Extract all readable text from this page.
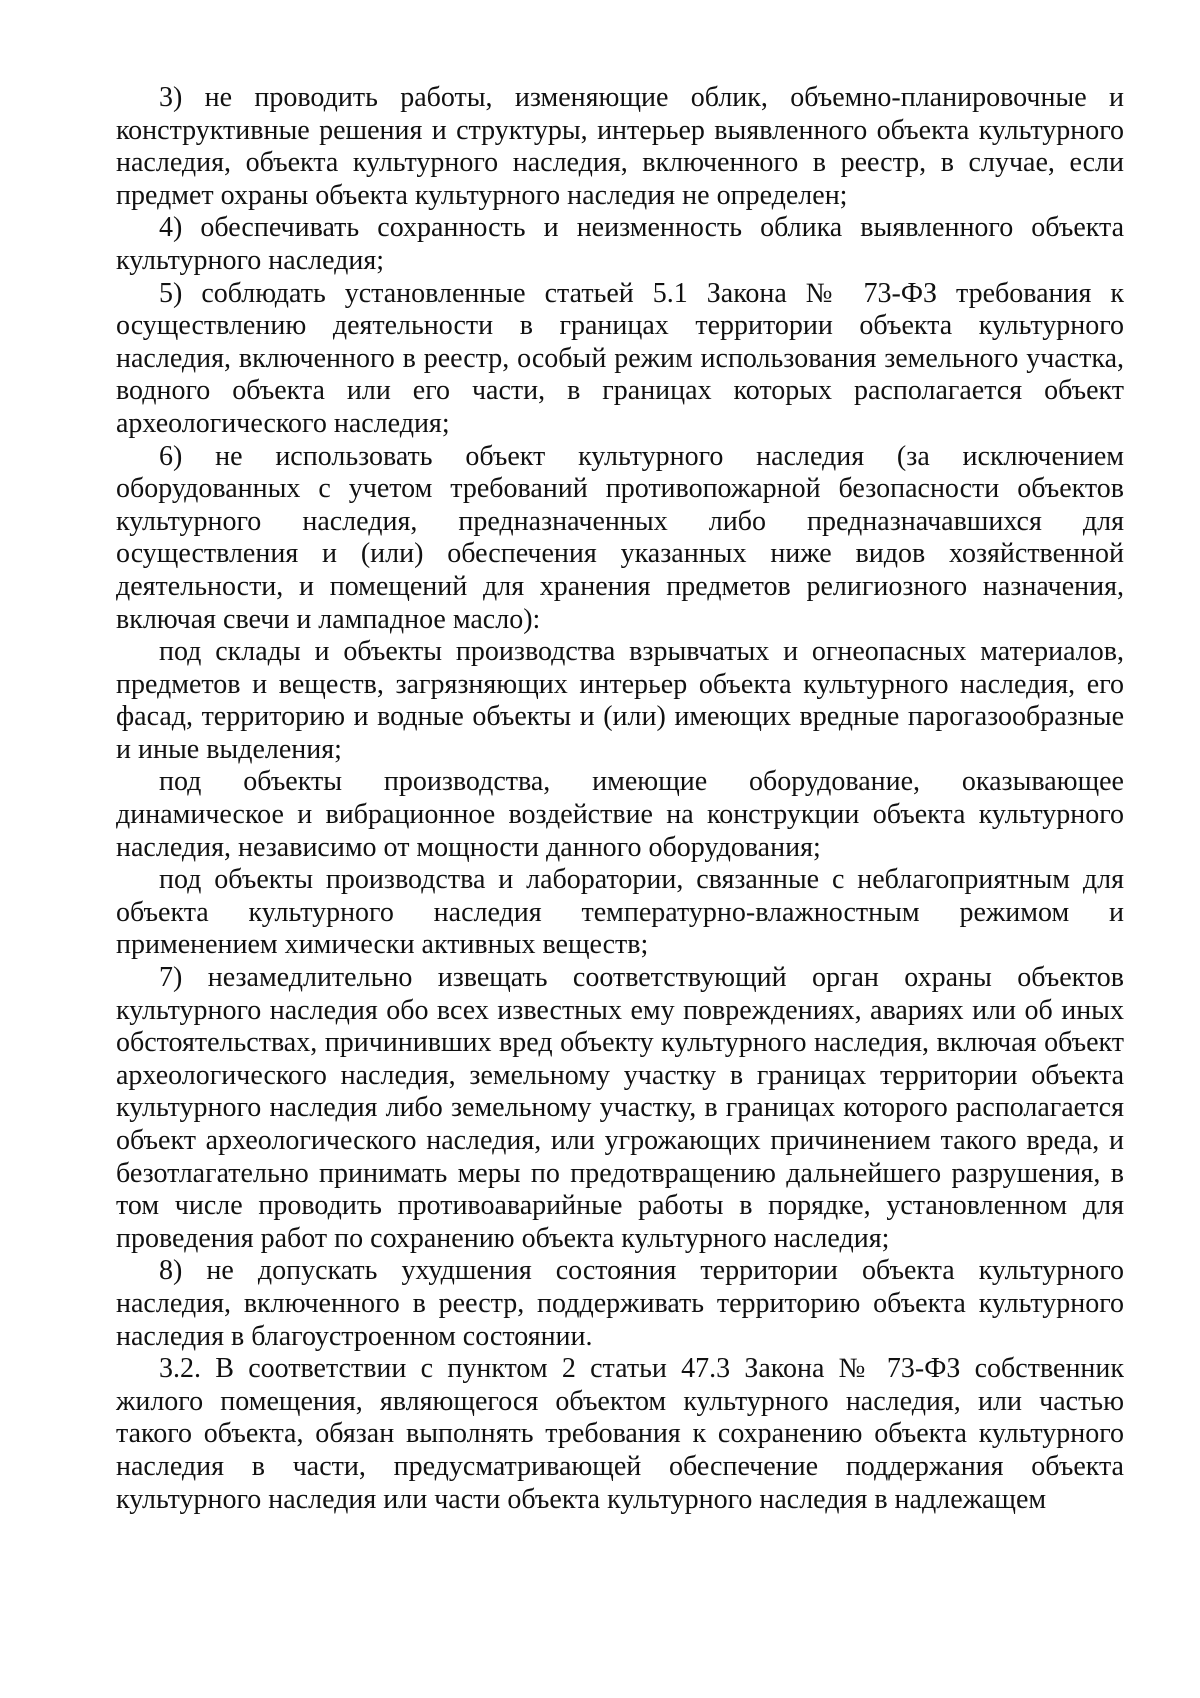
3) не проводить работы, изменяющие облик, объемно-планировочные и конструктивные решения и структуры, интерьер выявленного объекта культурного наследия, объекта культурного наследия, включенного в реестр, в случае, если предмет охраны объекта культурного наследия не определен;

4) обеспечивать сохранность и неизменность облика выявленного объекта культурного наследия;

5) соблюдать установленные статьей 5.1 Закона № 73-ФЗ требования к осуществлению деятельности в границах территории объекта культурного наследия, включенного в реестр, особый режим использования земельного участка, водного объекта или его части, в границах которых располагается объект археологического наследия;

6) не использовать объект культурного наследия (за исключением оборудованных с учетом требований противопожарной безопасности объектов культурного наследия, предназначенных либо предназначавшихся для осуществления и (или) обеспечения указанных ниже видов хозяйственной деятельности, и помещений для хранения предметов религиозного назначения, включая свечи и лампадное масло):

под склады и объекты производства взрывчатых и огнеопасных материалов, предметов и веществ, загрязняющих интерьер объекта культурного наследия, его фасад, территорию и водные объекты и (или) имеющих вредные парогазообразные и иные выделения;

под объекты производства, имеющие оборудование, оказывающее динамическое и вибрационное воздействие на конструкции объекта культурного наследия, независимо от мощности данного оборудования;

под объекты производства и лаборатории, связанные с неблагоприятным для объекта культурного наследия температурно-влажностным режимом и применением химически активных веществ;

7) незамедлительно извещать соответствующий орган охраны объектов культурного наследия обо всех известных ему повреждениях, авариях или об иных обстоятельствах, причинивших вред объекту культурного наследия, включая объект археологического наследия, земельному участку в границах территории объекта культурного наследия либо земельному участку, в границах которого располагается объект археологического наследия, или угрожающих причинением такого вреда, и безотлагательно принимать меры по предотвращению дальнейшего разрушения, в том числе проводить противоаварийные работы в порядке, установленном для проведения работ по сохранению объекта культурного наследия;

8) не допускать ухудшения состояния территории объекта культурного наследия, включенного в реестр, поддерживать территорию объекта культурного наследия в благоустроенном состоянии.

3.2. В соответствии с пунктом 2 статьи 47.3 Закона № 73-ФЗ собственник жилого помещения, являющегося объектом культурного наследия, или частью такого объекта, обязан выполнять требования к сохранению объекта культурного наследия в части, предусматривающей обеспечение поддержания объекта культурного наследия или части объекта культурного наследия в надлежащем
